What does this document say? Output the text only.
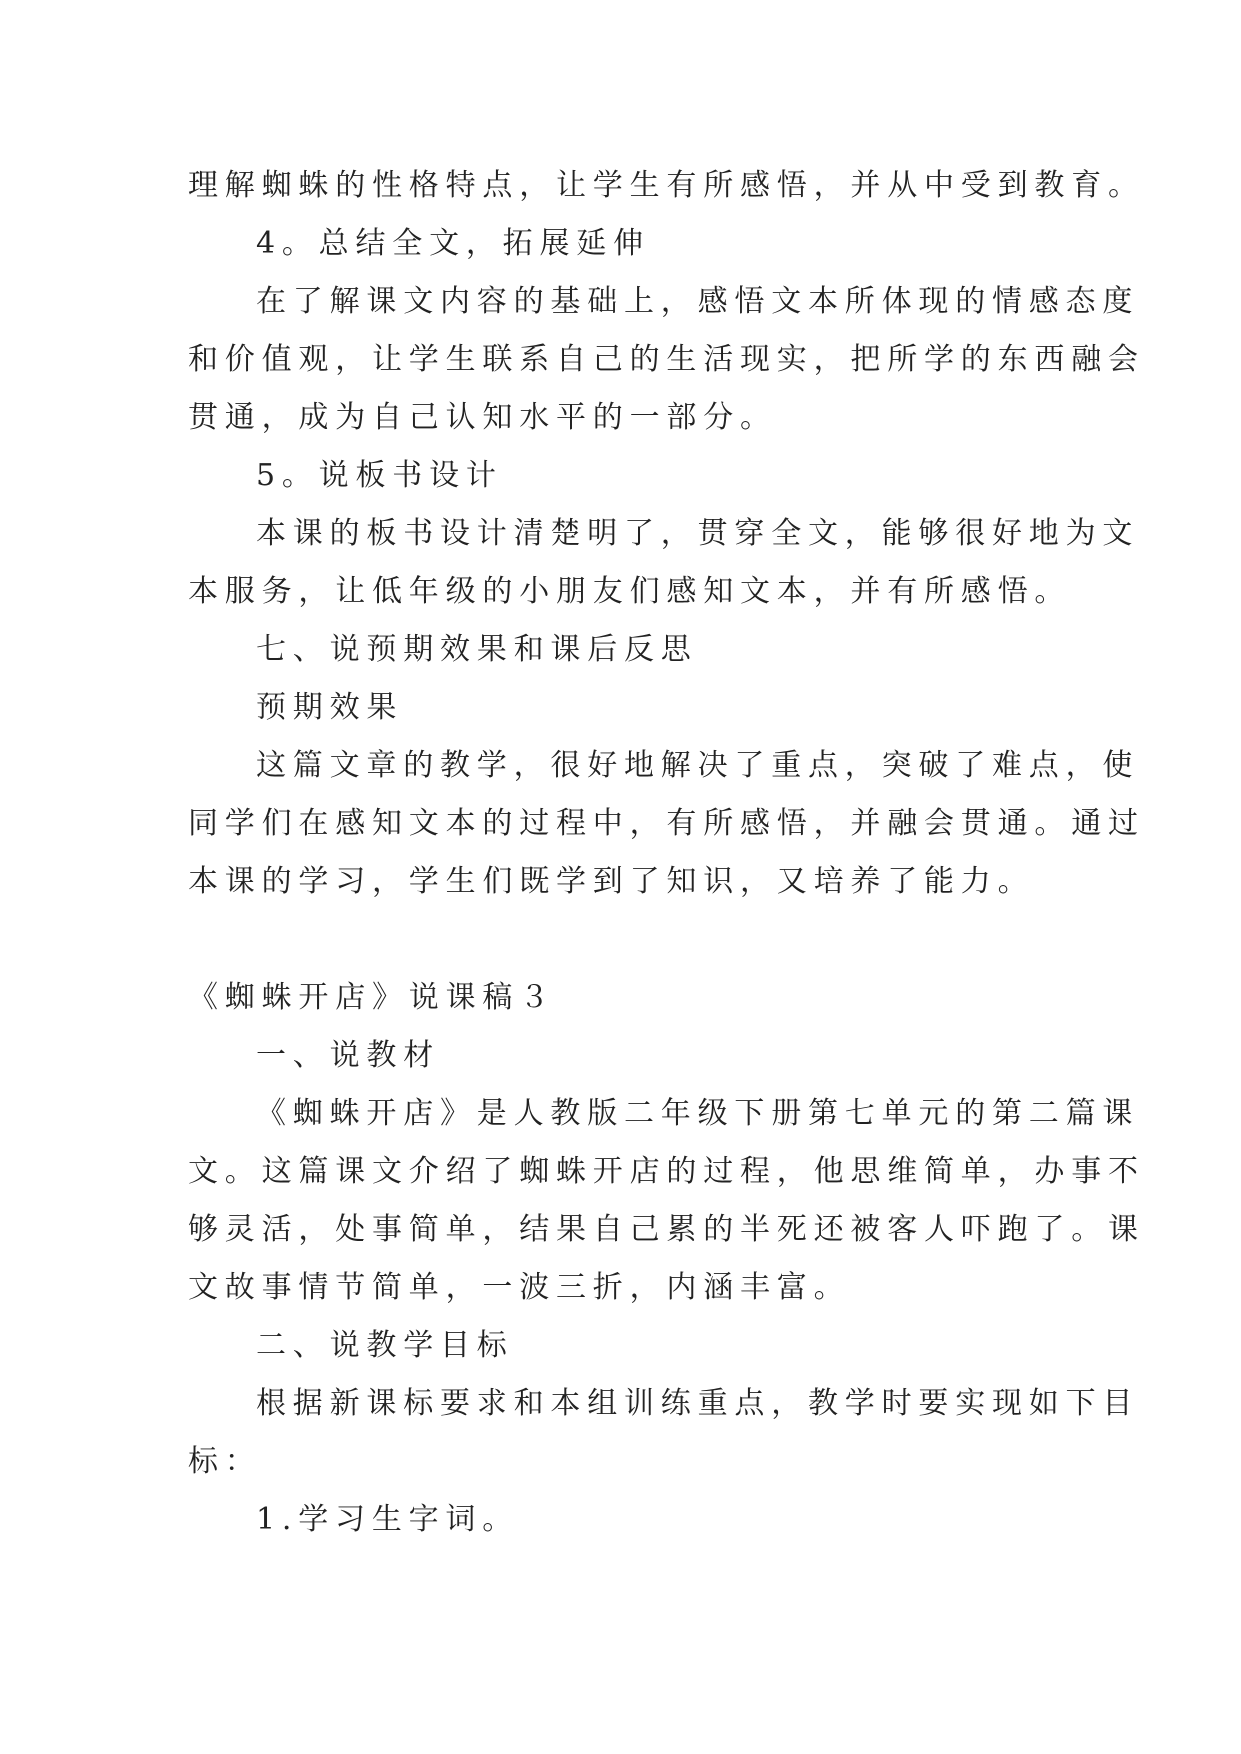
理解蜘蛛的性格特点，让学生有所感悟，并从中受到教育。
4。总结全文，拓展延伸
在了解课文内容的基础上，感悟文本所体现的情感态度
和价值观，让学生联系自己的生活现实，把所学的东西融会
贯通，成为自己认知水平的一部分。
5。说板书设计
本课的板书设计清楚明了，贯穿全文，能够很好地为文
本服务，让低年级的小朋友们感知文本，并有所感悟。
七、说预期效果和课后反思
预期效果
这篇文章的教学，很好地解决了重点，突破了难点，使
同学们在感知文本的过程中，有所感悟，并融会贯通。通过
本课的学习，学生们既学到了知识，又培养了能力。
《蜘蛛开店》说课稿３
一、说教材
《蜘蛛开店》是人教版二年级下册第七单元的第二篇课
文。这篇课文介绍了蜘蛛开店的过程，他思维简单，办事不
够灵活，处事简单，结果自己累的半死还被客人吓跑了。课
文故事情节简单，一波三折，内涵丰富。
二、说教学目标
根据新课标要求和本组训练重点，教学时要实现如下目
标：
1.学习生字词。
